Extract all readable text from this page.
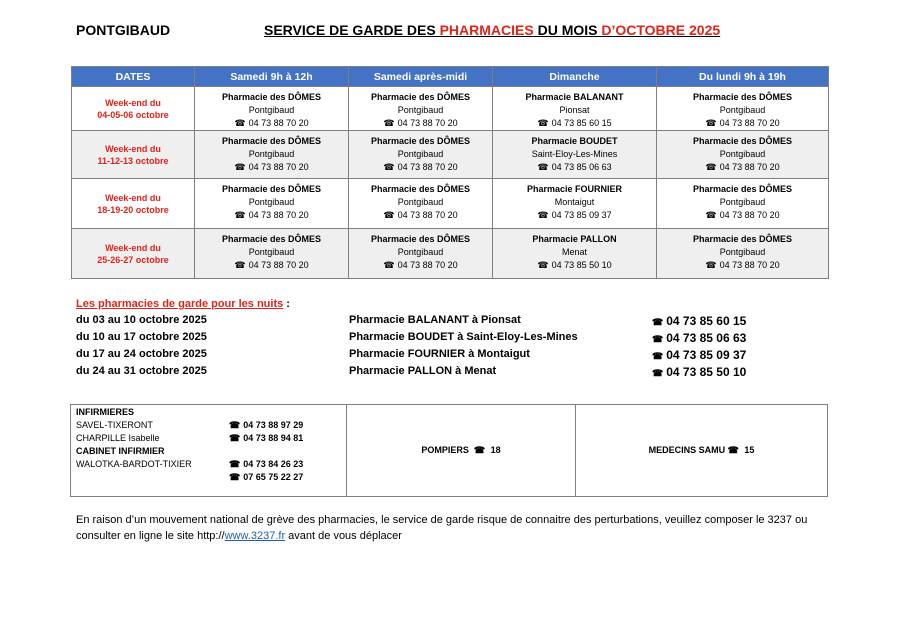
PONTGIBAUD	SERVICE DE GARDE DES PHARMACIES DU MOIS D’OCTOBRE 2025
DATES	Samedi 9h à 12h	Samedi après-midi	Dimanche	Du lundi 9h à 19h
Week-end du
04-05-06 octobre	Pharmacie des DÔMES
Pontgibaud
☎ 04 73 88 70 20	Pharmacie des DÔMES
Pontgibaud
☎ 04 73 88 70 20	Pharmacie BALANANT
Pionsat
☎ 04 73 85 60 15	Pharmacie des DÔMES
Pontgibaud
☎ 04 73 88 70 20

Week-end du
11-12-13 octobre	Pharmacie des DÔMES
Pontgibaud
☎ 04 73 88 70 20	Pharmacie des DÔMES
Pontgibaud
☎ 04 73 88 70 20	Pharmacie BOUDET
Saint-Eloy-Les-Mines
☎ 04 73 85 06 63	Pharmacie des DÔMES
Pontgibaud
☎ 04 73 88 70 20

Week-end du
18-19-20 octobre	Pharmacie des DÔMES
Pontgibaud
☎ 04 73 88 70 20	Pharmacie des DÔMES
Pontgibaud
☎ 04 73 88 70 20	Pharmacie FOURNIER
Montaigut
☎ 04 73 85 09 37	Pharmacie des DÔMES
Pontgibaud
☎ 04 73 88 70 20

Week-end du
25-26-27 octobre	Pharmacie des DÔMES
Pontgibaud
☎ 04 73 88 70 20	Pharmacie des DÔMES
Pontgibaud
☎ 04 73 88 70 20	Pharmacie PALLON
Menat
☎ 04 73 85 50 10	Pharmacie des DÔMES
Pontgibaud
☎ 04 73 88 70 20
Les pharmacies de garde pour les nuits :
du 03 au 10 octobre 2025	Pharmacie BALANANT à Pionsat	☎ 04 73 85 60 15
du 10 au 17 octobre 2025	Pharmacie BOUDET à Saint-Eloy-Les-Mines	☎ 04 73 85 06 63
du 17 au 24 octobre 2025	Pharmacie FOURNIER à Montaigut	☎ 04 73 85 09 37
du 24 au 31 octobre 2025	Pharmacie PALLON à Menat	☎ 04 73 85 50 10
INFIRMIERES
SAVEL-TIXERONT	☎ 04 73 88 97 29
CHARPILLE Isabelle	☎ 04 73 88 94 81
CABINET INFIRMIER
WALOTKA-BARDOT-TIXIER	☎ 04 73 84 26 23
☎ 07 65 75 22 27
POMPIERS ☎ 18	MEDECINS SAMU ☎ 15
En raison d’un mouvement national de grève des pharmacies, le service de garde risque de connaitre des perturbations, veuillez composer le 3237 ou consulter en ligne le site http://www.3237.fr avant de vous déplacer
